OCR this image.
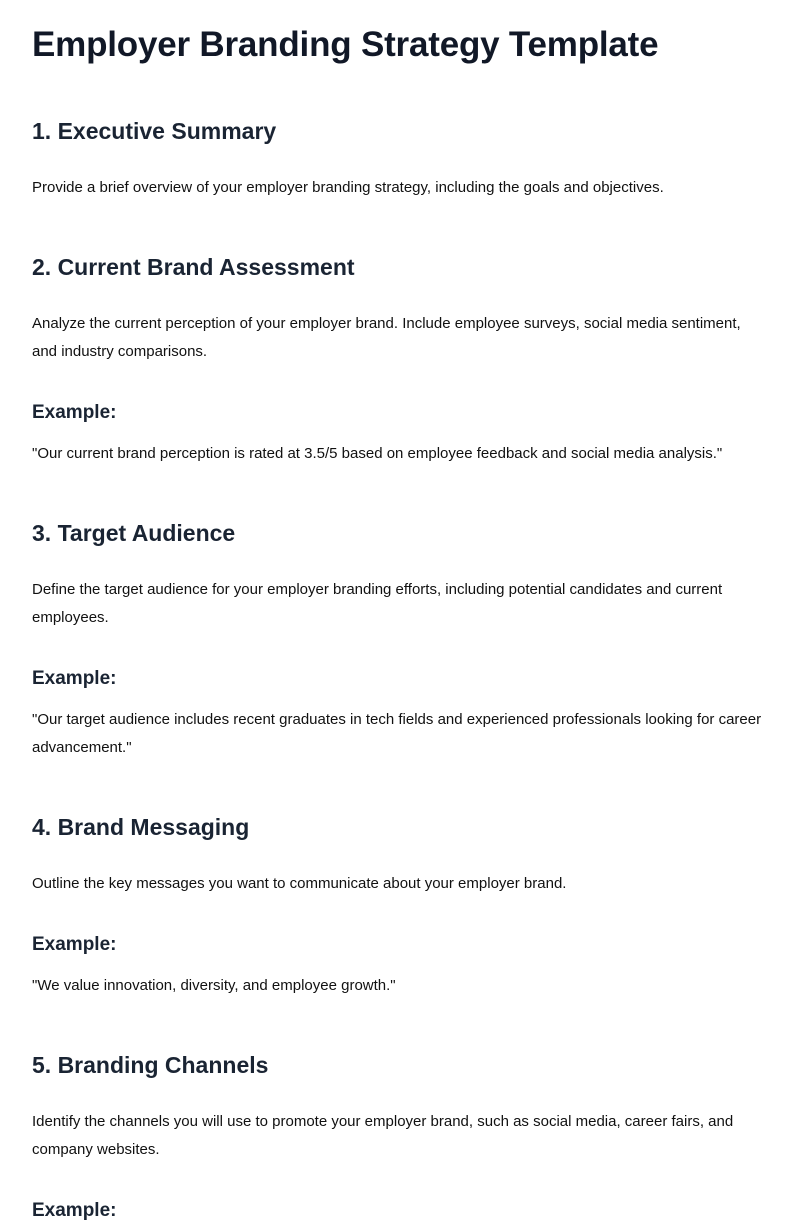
Employer Branding Strategy Template
1. Executive Summary

Provide a brief overview of your employer branding strategy, including the goals and objectives.

2. Current Brand Assessment

Analyze the current perception of your employer brand. Include employee surveys, social media sentiment, and industry comparisons.

Example:

"Our current brand perception is rated at 3.5/5 based on employee feedback and social media analysis."

3. Target Audience

Define the target audience for your employer branding efforts, including potential candidates and current employees.

Example:

"Our target audience includes recent graduates in tech fields and experienced professionals looking for career advancement."

4. Brand Messaging

Outline the key messages you want to communicate about your employer brand.

Example:

"We value innovation, diversity, and employee growth."

5. Branding Channels

Identify the channels you will use to promote your employer brand, such as social media, career fairs, and company websites.

Example:
